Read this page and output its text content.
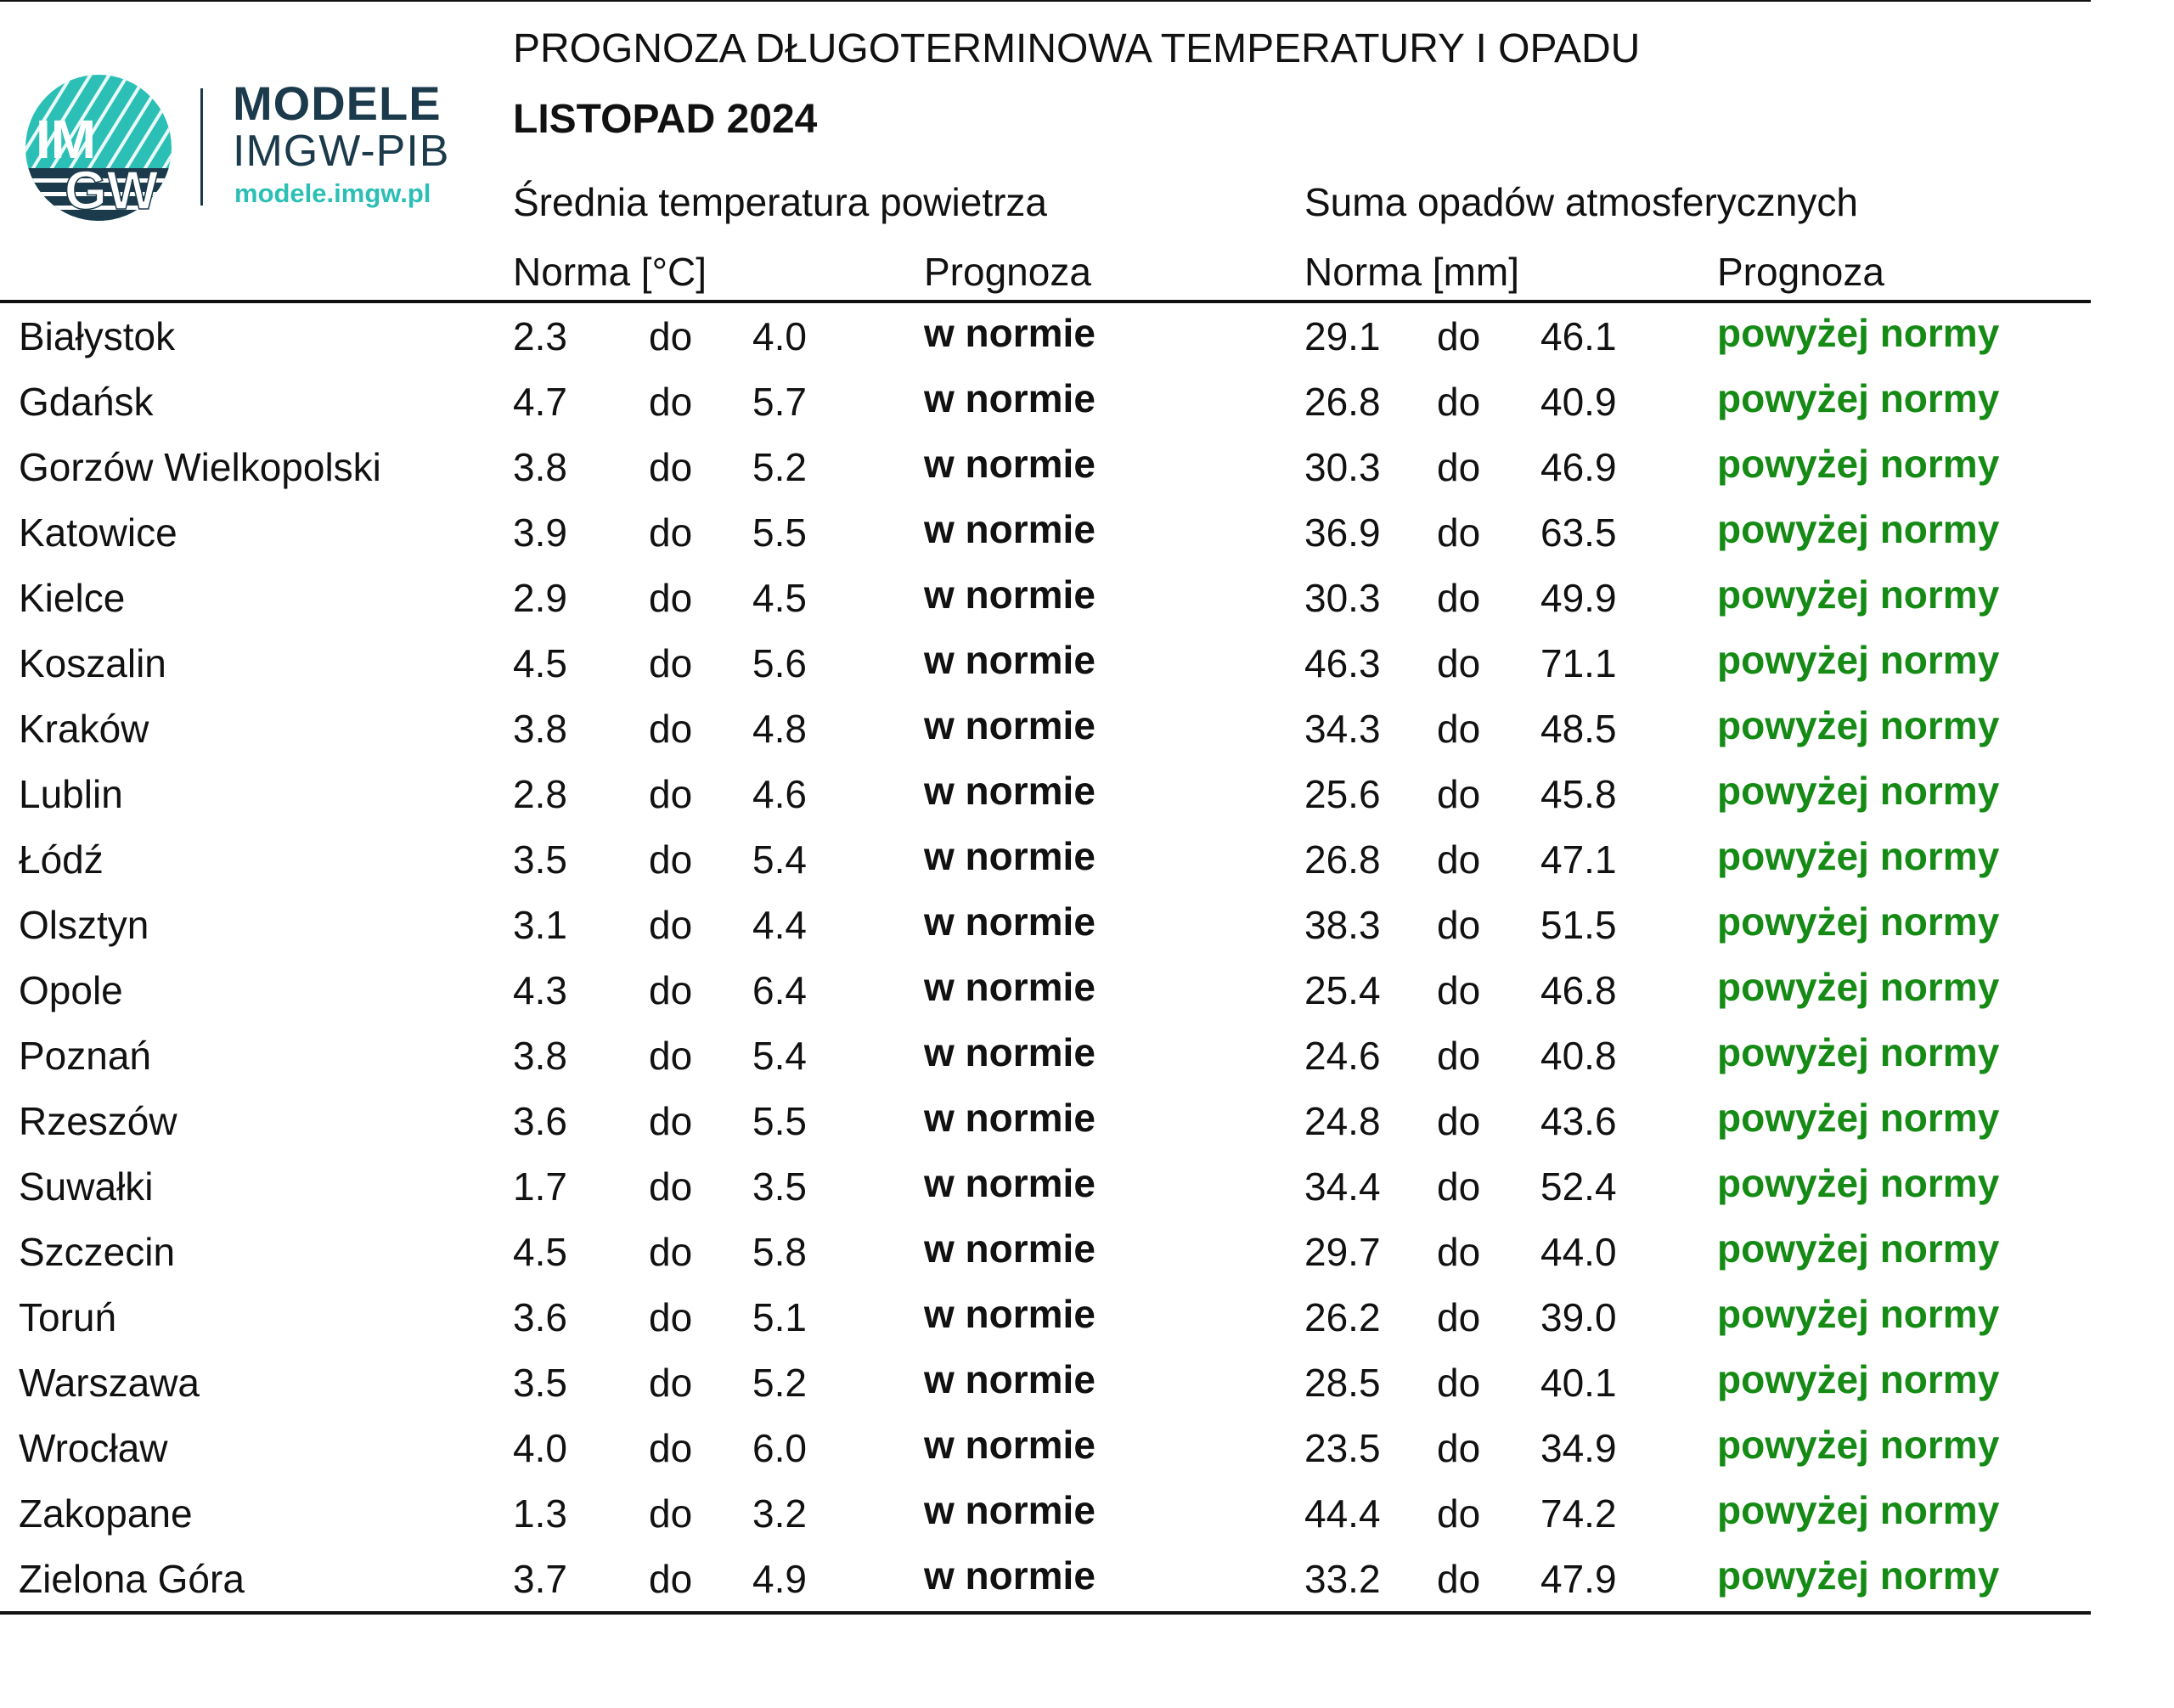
IM
GW
MODELE
IMGW-PIB
modele.imgw.pl
PROGNOZA DŁUGOTERMINOWA TEMPERATURY I OPADU
LISTOPAD 2024
Średnia temperatura powietrza	Suma opadów atmosferycznych
Norma [°C]	Prognoza	Norma [mm]	Prognoza
Białystok	2.3 do 4.0	w normie	29.1 do 46.1	powyżej normy
Gdańsk	4.7 do 5.7	w normie	26.8 do 40.9	powyżej normy
Gorzów Wielkopolski	3.8 do 5.2	w normie	30.3 do 46.9	powyżej normy
Katowice	3.9 do 5.5	w normie	36.9 do 63.5	powyżej normy
Kielce	2.9 do 4.5	w normie	30.3 do 49.9	powyżej normy
Koszalin	4.5 do 5.6	w normie	46.3 do 71.1	powyżej normy
Kraków	3.8 do 4.8	w normie	34.3 do 48.5	powyżej normy
Lublin	2.8 do 4.6	w normie	25.6 do 45.8	powyżej normy
Łódź	3.5 do 5.4	w normie	26.8 do 47.1	powyżej normy
Olsztyn	3.1 do 4.4	w normie	38.3 do 51.5	powyżej normy
Opole	4.3 do 6.4	w normie	25.4 do 46.8	powyżej normy
Poznań	3.8 do 5.4	w normie	24.6 do 40.8	powyżej normy
Rzeszów	3.6 do 5.5	w normie	24.8 do 43.6	powyżej normy
Suwałki	1.7 do 3.5	w normie	34.4 do 52.4	powyżej normy
Szczecin	4.5 do 5.8	w normie	29.7 do 44.0	powyżej normy
Toruń	3.6 do 5.1	w normie	26.2 do 39.0	powyżej normy
Warszawa	3.5 do 5.2	w normie	28.5 do 40.1	powyżej normy
Wrocław	4.0 do 6.0	w normie	23.5 do 34.9	powyżej normy
Zakopane	1.3 do 3.2	w normie	44.4 do 74.2	powyżej normy
Zielona Góra	3.7 do 4.9	w normie	33.2 do 47.9	powyżej normy
